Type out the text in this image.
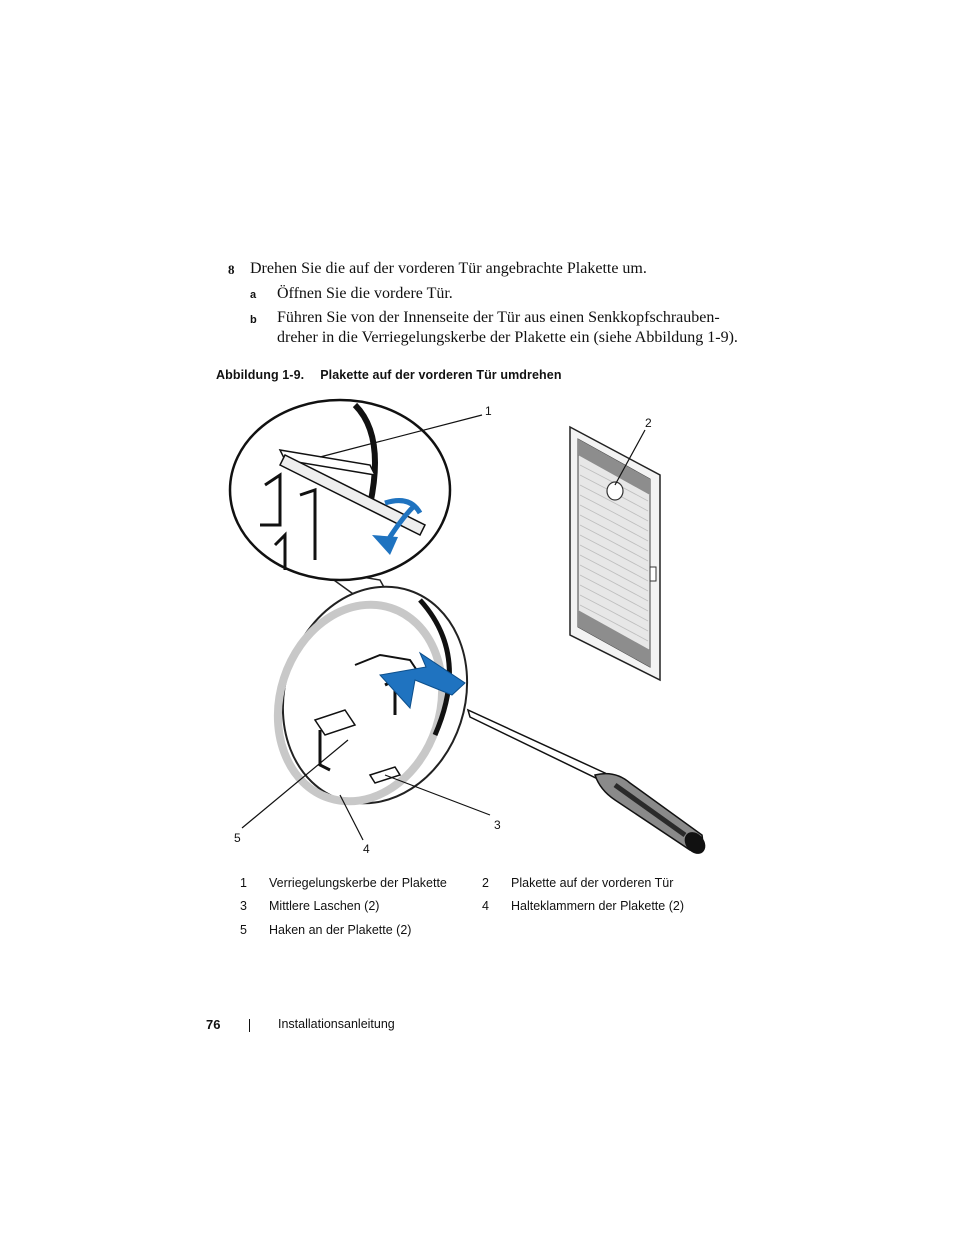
8 Drehen Sie die auf der vorderen Tür angebrachte Plakette um.
a Öffnen Sie die vordere Tür.
b Führen Sie von der Innenseite der Tür aus einen Senkkopfschrauben-
dreher in die Verriegelungskerbe der Plakette ein (siehe Abbildung 1-9).
Abbildung 1-9. Plakette auf der vorderen Tür umdrehen
1
2
3
4
5
1 Verriegelungskerbe der Plakette	2 Plakette auf der vorderen Tür
3 Mittlere Laschen (2)	4 Halteklammern der Plakette (2)
5 Haken an der Plakette (2)
76	Installationsanleitung
